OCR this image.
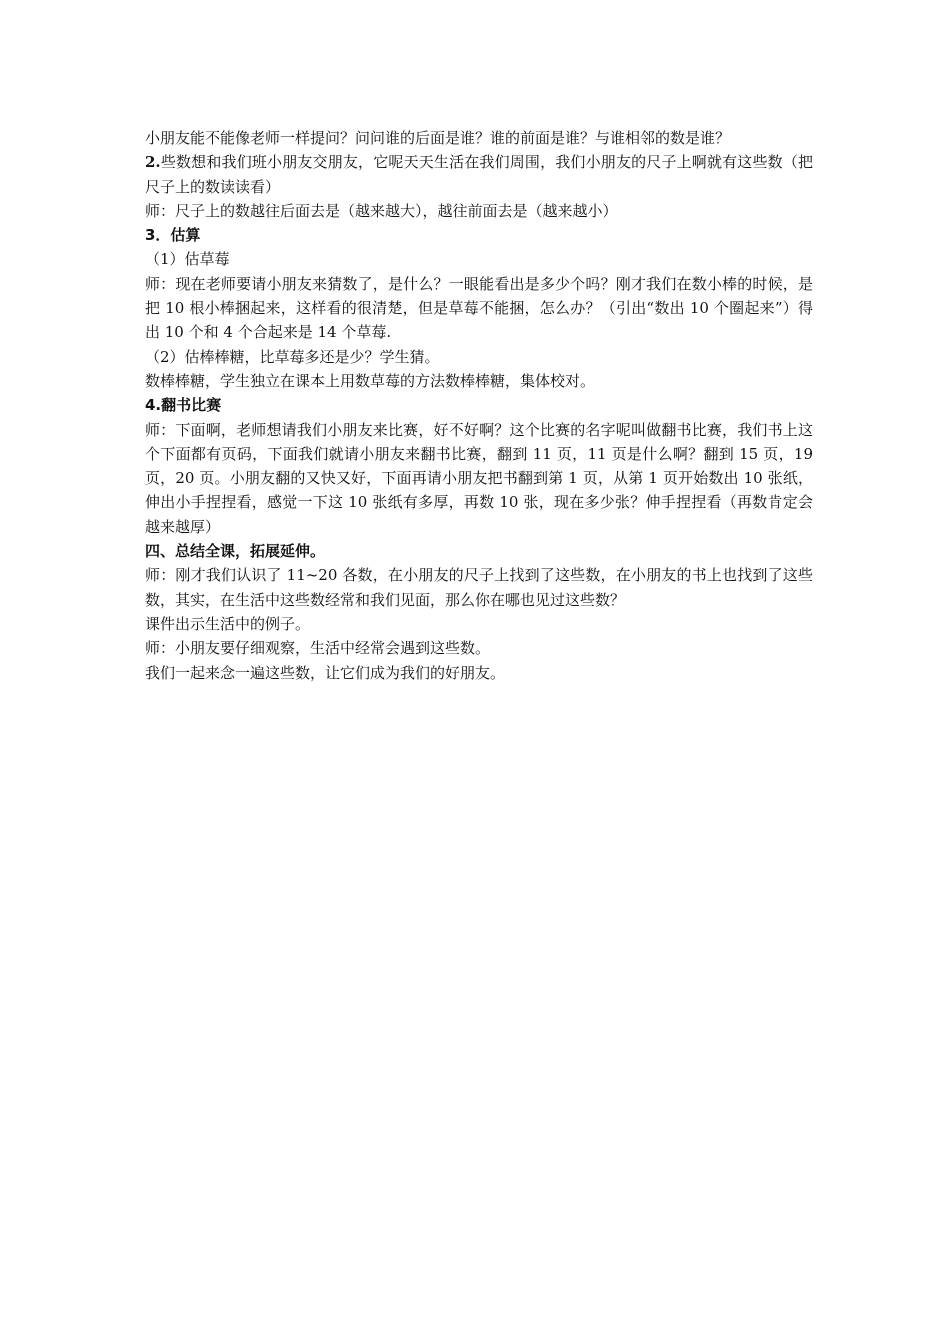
小朋友能不能像老师一样提问？问问谁的后面是谁？谁的前面是谁？与谁相邻的数是谁？

2.些数想和我们班小朋友交朋友，它呢天天生活在我们周围，我们小朋友的尺子上啊就有这些数（把尺子上的数读读看）

师：尺子上的数越往后面去是（越来越大），越往前面去是（越来越小）

3．估算

（1）估草莓

师：现在老师要请小朋友来猜数了，是什么？一眼能看出是多少个吗？刚才我们在数小棒的时候，是把 10 根小棒捆起来，这样看的很清楚，但是草莓不能捆，怎么办？（引出“数出 10 个圈起来”）得出 10 个和 4 个合起来是 14 个草莓.

（2）估棒棒糖，比草莓多还是少？学生猜。

数棒棒糖，学生独立在课本上用数草莓的方法数棒棒糖，集体校对。

4.翻书比赛

师：下面啊，老师想请我们小朋友来比赛，好不好啊？这个比赛的名字呢叫做翻书比赛，我们书上这个下面都有页码，下面我们就请小朋友来翻书比赛，翻到 11 页，11 页是什么啊？翻到 15 页，19 页，20 页。小朋友翻的又快又好，下面再请小朋友把书翻到第 1 页，从第 1 页开始数出 10 张纸，伸出小手捏捏看，感觉一下这 10 张纸有多厚，再数 10 张，现在多少张？伸手捏捏看（再数肯定会越来越厚）

四、总结全课，拓展延伸。

师：刚才我们认识了 11~20 各数，在小朋友的尺子上找到了这些数，在小朋友的书上也找到了这些数，其实，在生活中这些数经常和我们见面，那么你在哪也见过这些数？

课件出示生活中的例子。

师：小朋友要仔细观察，生活中经常会遇到这些数。

我们一起来念一遍这些数，让它们成为我们的好朋友。
